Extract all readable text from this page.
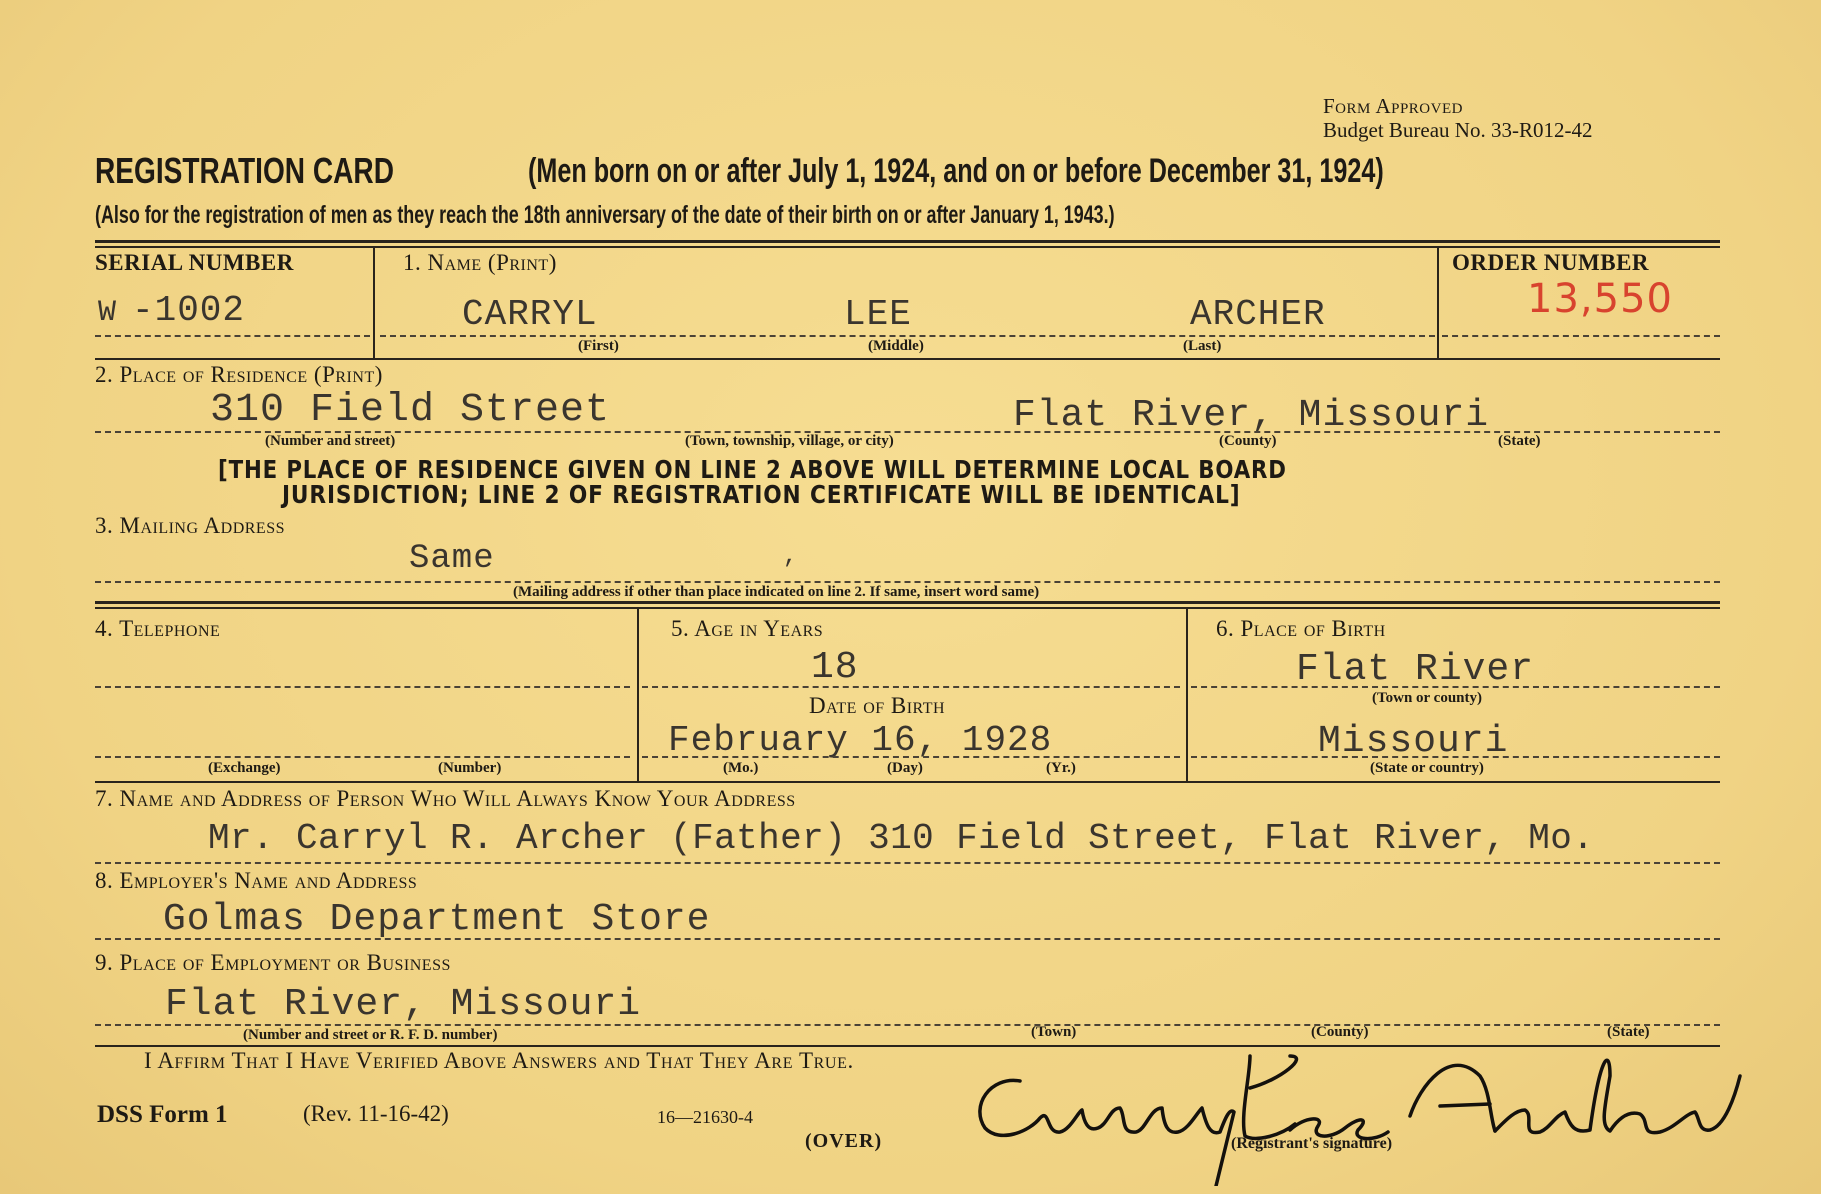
Form Approved
Budget Bureau No. 33-R012-42
REGISTRATION CARD	(Men born on or after July 1, 1924, and on or before December 31, 1924)
(Also for the registration of men as they reach the 18th anniversary of the date of their birth on or after January 1, 1943.)
SERIAL NUMBER
W -1002
1. Name (Print)
CARRYL	LEE	ARCHER
(First)	(Middle)	(Last)
ORDER NUMBER
13,550
2. Place of Residence (Print)
310 Field Street	Flat River, Missouri
(Number and street)	(Town, township, village, or city)	(County)	(State)
[THE PLACE OF RESIDENCE GIVEN ON LINE 2 ABOVE WILL DETERMINE LOCAL BOARD
JURISDICTION; LINE 2 OF REGISTRATION CERTIFICATE WILL BE IDENTICAL]
3. Mailing Address
Same	,
(Mailing address if other than place indicated on line 2. If same, insert word same)
4. Telephone
(Exchange)	(Number)
5. Age in Years
18
Date of Birth
February 16, 1928
(Mo.)	(Day)	(Yr.)
6. Place of Birth
Flat River
(Town or county)
Missouri
(State or country)
7. Name and Address of Person Who Will Always Know Your Address
Mr. Carryl R. Archer (Father) 310 Field Street, Flat River, Mo.
8. Employer's Name and Address
Golmas Department Store
9. Place of Employment or Business
Flat River, Missouri
(Number and street or R. F. D. number)	(Town)	(County)	(State)
I Affirm That I Have Verified Above Answers and That They Are True.
DSS Form 1	(Rev. 11-16-42)	16—21630-4
(OVER)	(Registrant's signature)
